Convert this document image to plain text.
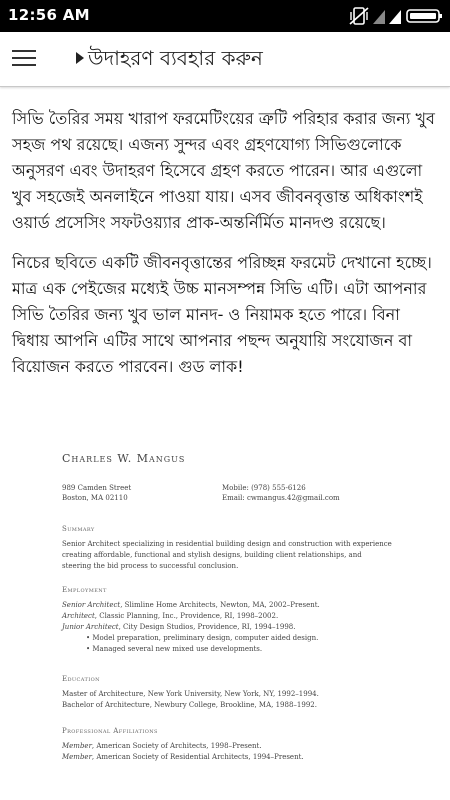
12:56 AM
উদাহরণ ব্যবহার করুন

সিভি তৈরির সময় খারাপ ফরমেটিংয়ের ত্রুটি পরিহার করার জন্য খুব সহজ পথ রয়েছে। এজন্য সুন্দর এবং গ্রহণযোগ্য সিভিগুলোকে অনুসরণ এবং উদাহরণ হিসেবে গ্রহণ করতে পারেন। আর এগুলো খুব সহজেই অনলাইনে পাওয়া যায়। এসব জীবনবৃত্তান্ত অধিকাংশই ওয়ার্ড প্রসেসিং সফটওয়্যার প্রাক-অন্তর্নির্মিত মানদণ্ড রয়েছে।

নিচের ছবিতে একটি জীবনবৃত্তান্তের পরিচ্ছন্ন ফরমেট দেখানো হচ্ছে। মাত্র এক পেইজের মধ্যেই উচ্চ মানসম্পন্ন সিভি এটি। এটা আপনার সিভি তৈরির জন্য খুব ভাল মানদ- ও নিয়ামক হতে পারে। বিনা দ্বিধায় আপনি এটির সাথে আপনার পছন্দ অনুযায়ি সংযোজন বা বিয়োজন করতে পারবেন। গুড লাক!

Charles W. Mangus
989 Camden Street
Boston, MA 02110
Mobile: (978) 555-6126
Email: cwmangus.42@gmail.com
Summary
Senior Architect specializing in residential building design and construction with experience creating affordable, functional and stylish designs, building client relationships, and steering the bid process to successful conclusion.
Employment
Senior Architect, Slimline Home Architects, Newton, MA, 2002–Present.
Architect, Classic Planning, Inc., Providence, RI, 1998–2002.
Junior Architect, City Design Studios, Providence, RI, 1994–1998.
• Model preparation, preliminary design, computer aided design.
• Managed several new mixed use developments.
Education
Master of Architecture, New York University, New York, NY, 1992–1994.
Bachelor of Architecture, Newbury College, Brookline, MA, 1988–1992.
Professional Affiliations
Member, American Society of Architects, 1998–Present.
Member, American Society of Residential Architects, 1994–Present.
